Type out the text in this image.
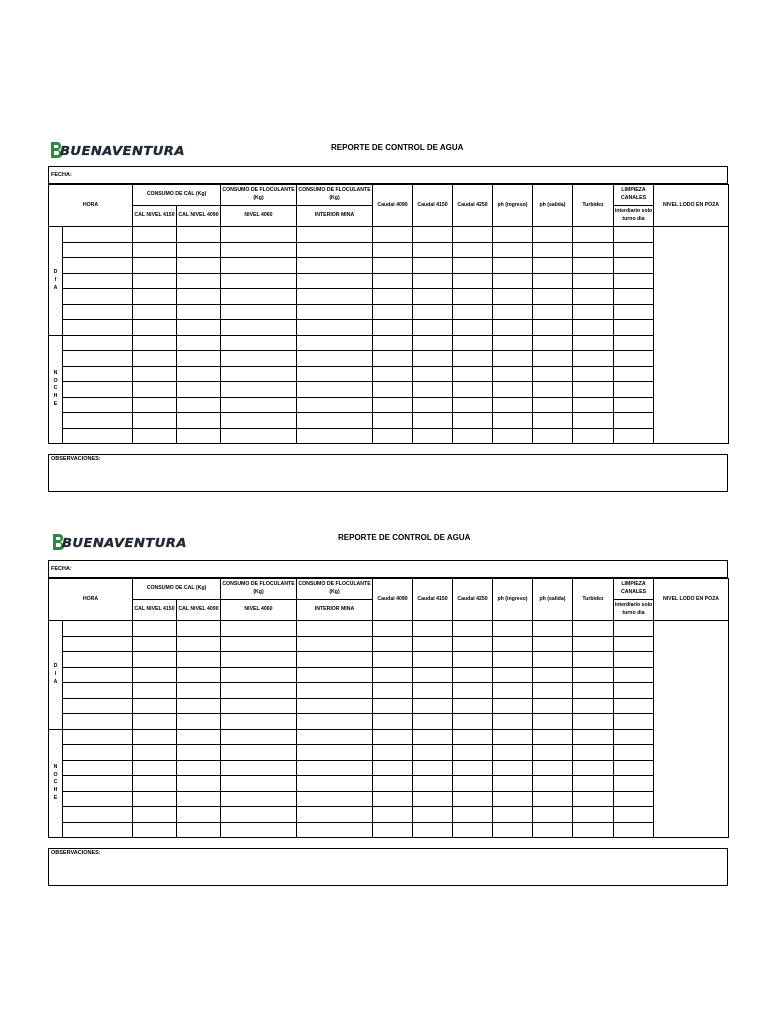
BUENAVENTURA	REPORTE DE CONTROL DE AGUA
FECHA:
HORA		CONSUMO DE CAL (Kg)		CONSUMO DE FLOCULANTE (Kg)	CONSUMO DE FLOCULANTE (Kg)	Caudal 4090	Caudal 4150	Caudal 4250	ph (ingreso)	ph (salida)	Turbidez	LIMPIEZA CANALES	NIVEL LODO EN POZA
		CAL NIVEL 4150	CAL NIVEL 4090	NIVEL 4060	INTERIOR MINA							interdiario solo turno dia	
D I A													

N O C H E													

OBSERVACIONES:
BUENAVENTURA	REPORTE DE CONTROL DE AGUA
FECHA:
HORA		CONSUMO DE CAL (Kg)		CONSUMO DE FLOCULANTE (Kg)	CONSUMO DE FLOCULANTE (Kg)	Caudal 4090	Caudal 4150	Caudal 4250	ph (ingreso)	ph (salida)	Turbidez	LIMPIEZA CANALES	NIVEL LODO EN POZA
		CAL NIVEL 4150	CAL NIVEL 4090	NIVEL 4060	INTERIOR MINA							interdiario solo turno dia	
D I A													

N O C H E													

OBSERVACIONES:
